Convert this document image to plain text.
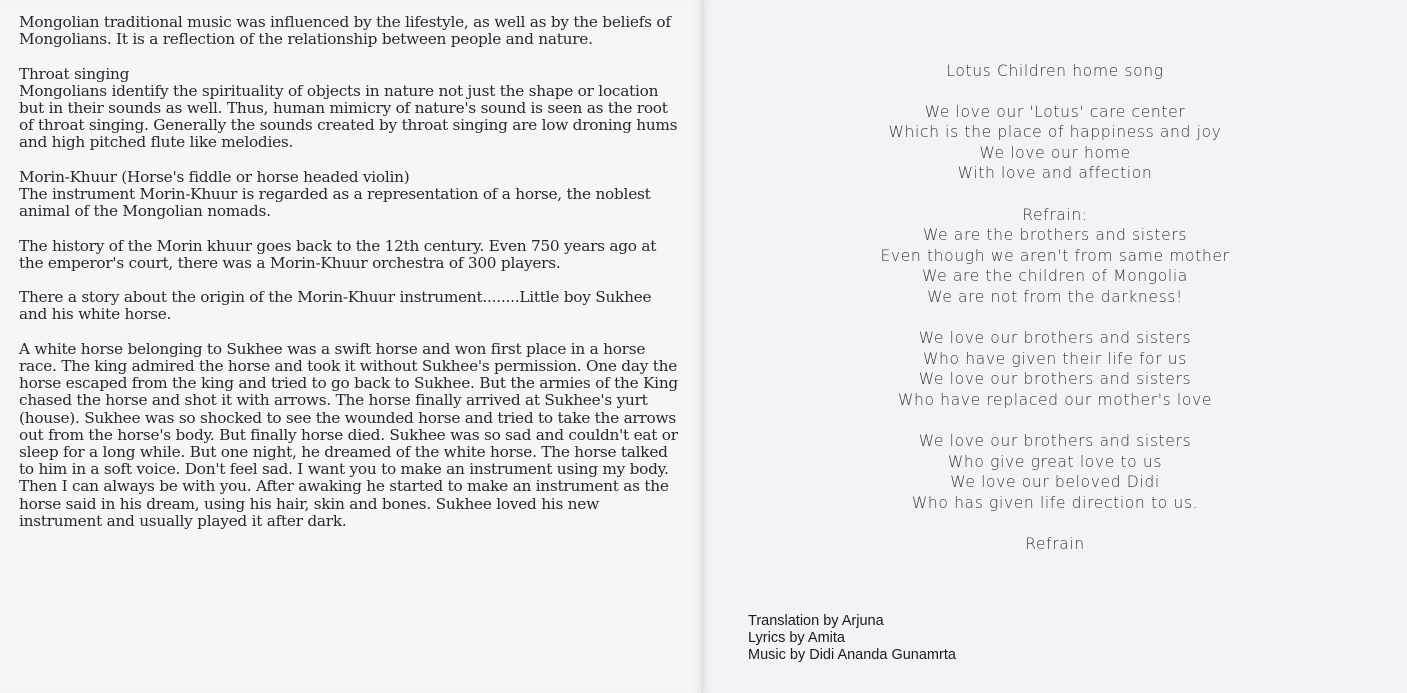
Mongolian traditional music was influenced by the lifestyle, as well as by the beliefs of Mongolians. It is a reflection of the relationship between people and nature.

Throat singing
Mongolians identify the spirituality of objects in nature not just the shape or location but in their sounds as well. Thus, human mimicry of nature's sound is seen as the root of throat singing. Generally the sounds created by throat singing are low droning hums and high pitched flute like melodies.

Morin-Khuur (Horse's fiddle or horse headed violin)
The instrument Morin-Khuur is regarded as a representation of a horse, the noblest animal of the Mongolian nomads.

The history of the Morin khuur goes back to the 12th century. Even 750 years ago at the emperor's court, there was a Morin-Khuur orchestra of 300 players.

There a story about the origin of the Morin-Khuur instrument........Little boy Sukhee and his white horse.

A white horse belonging to Sukhee was a swift horse and won first place in a horse race. The king admired the horse and took it without Sukhee's permission. One day the horse escaped from the king and tried to go back to Sukhee. But the armies of the King chased the horse and shot it with arrows. The horse finally arrived at Sukhee's yurt (house). Sukhee was so shocked to see the wounded horse and tried to take the arrows out from the horse's body. But finally horse died. Sukhee was so sad and couldn't eat or sleep for a long while. But one night, he dreamed of the white horse. The horse talked to him in a soft voice. Don't feel sad. I want you to make an instrument using my body. Then I can always be with you. After awaking he started to make an instrument as the horse said in his dream, using his hair, skin and bones. Sukhee loved his new instrument and usually played it after dark.

Lotus Children home song
We love our 'Lotus' care center
Which is the place of happiness and joy
We love our home
With love and affection
Refrain:
We are the brothers and sisters
Even though we aren't from same mother
We are the children of Mongolia
We are not from the darkness!
We love our brothers and sisters
Who have given their life for us
We love our brothers and sisters
Who have replaced our mother's love
We love our brothers and sisters
Who give great love to us
We love our beloved Didi
Who has given life direction to us.
Refrain
Translation by Arjuna
Lyrics by Amita
Music by Didi Ananda Gunamrta
